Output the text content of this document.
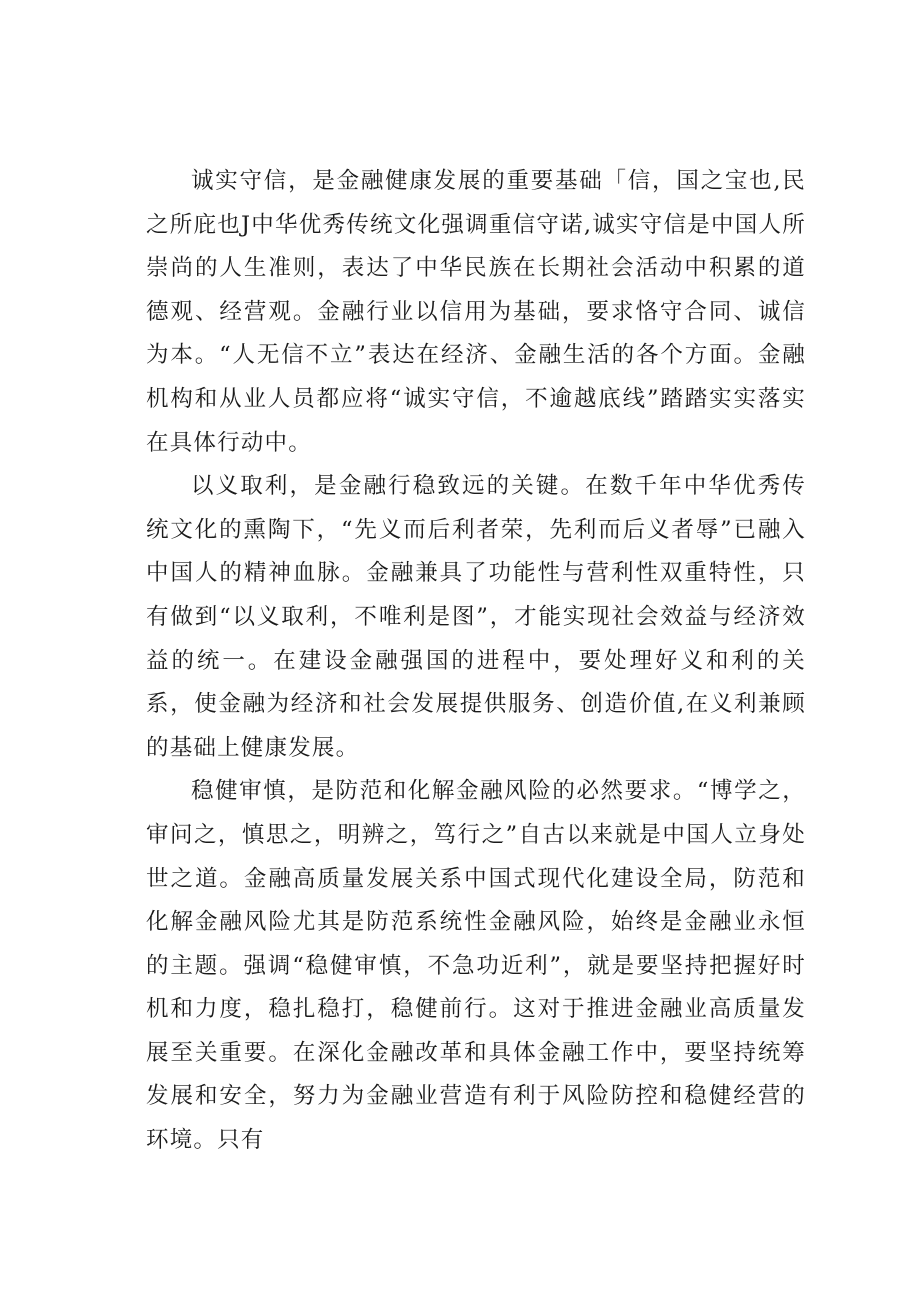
诚实守信，是金融健康发展的重要基础「信，国之宝也,民之所庇也J中华优秀传统文化强调重信守诺,诚实守信是中国人所崇尚的人生准则，表达了中华民族在长期社会活动中积累的道德观、经营观。金融行业以信用为基础，要求恪守合同、诚信为本。“人无信不立”表达在经济、金融生活的各个方面。金融机构和从业人员都应将“诚实守信，不逾越底线”踏踏实实落实在具体行动中。

以义取利，是金融行稳致远的关键。在数千年中华优秀传统文化的熏陶下，“先义而后利者荣，先利而后义者辱”已融入中国人的精神血脉。金融兼具了功能性与营利性双重特性，只有做到“以义取利，不唯利是图”，才能实现社会效益与经济效益的统一。在建设金融强国的进程中，要处理好义和利的关系，使金融为经济和社会发展提供服务、创造价值,在义利兼顾的基础上健康发展。

稳健审慎，是防范和化解金融风险的必然要求。“博学之，审问之，慎思之，明辨之，笃行之”自古以来就是中国人立身处世之道。金融高质量发展关系中国式现代化建设全局，防范和化解金融风险尤其是防范系统性金融风险，始终是金融业永恒的主题。强调“稳健审慎，不急功近利”，就是要坚持把握好时机和力度，稳扎稳打，稳健前行。这对于推进金融业高质量发展至关重要。在深化金融改革和具体金融工作中，要坚持统筹发展和安全，努力为金融业营造有利于风险防控和稳健经营的环境。只有
